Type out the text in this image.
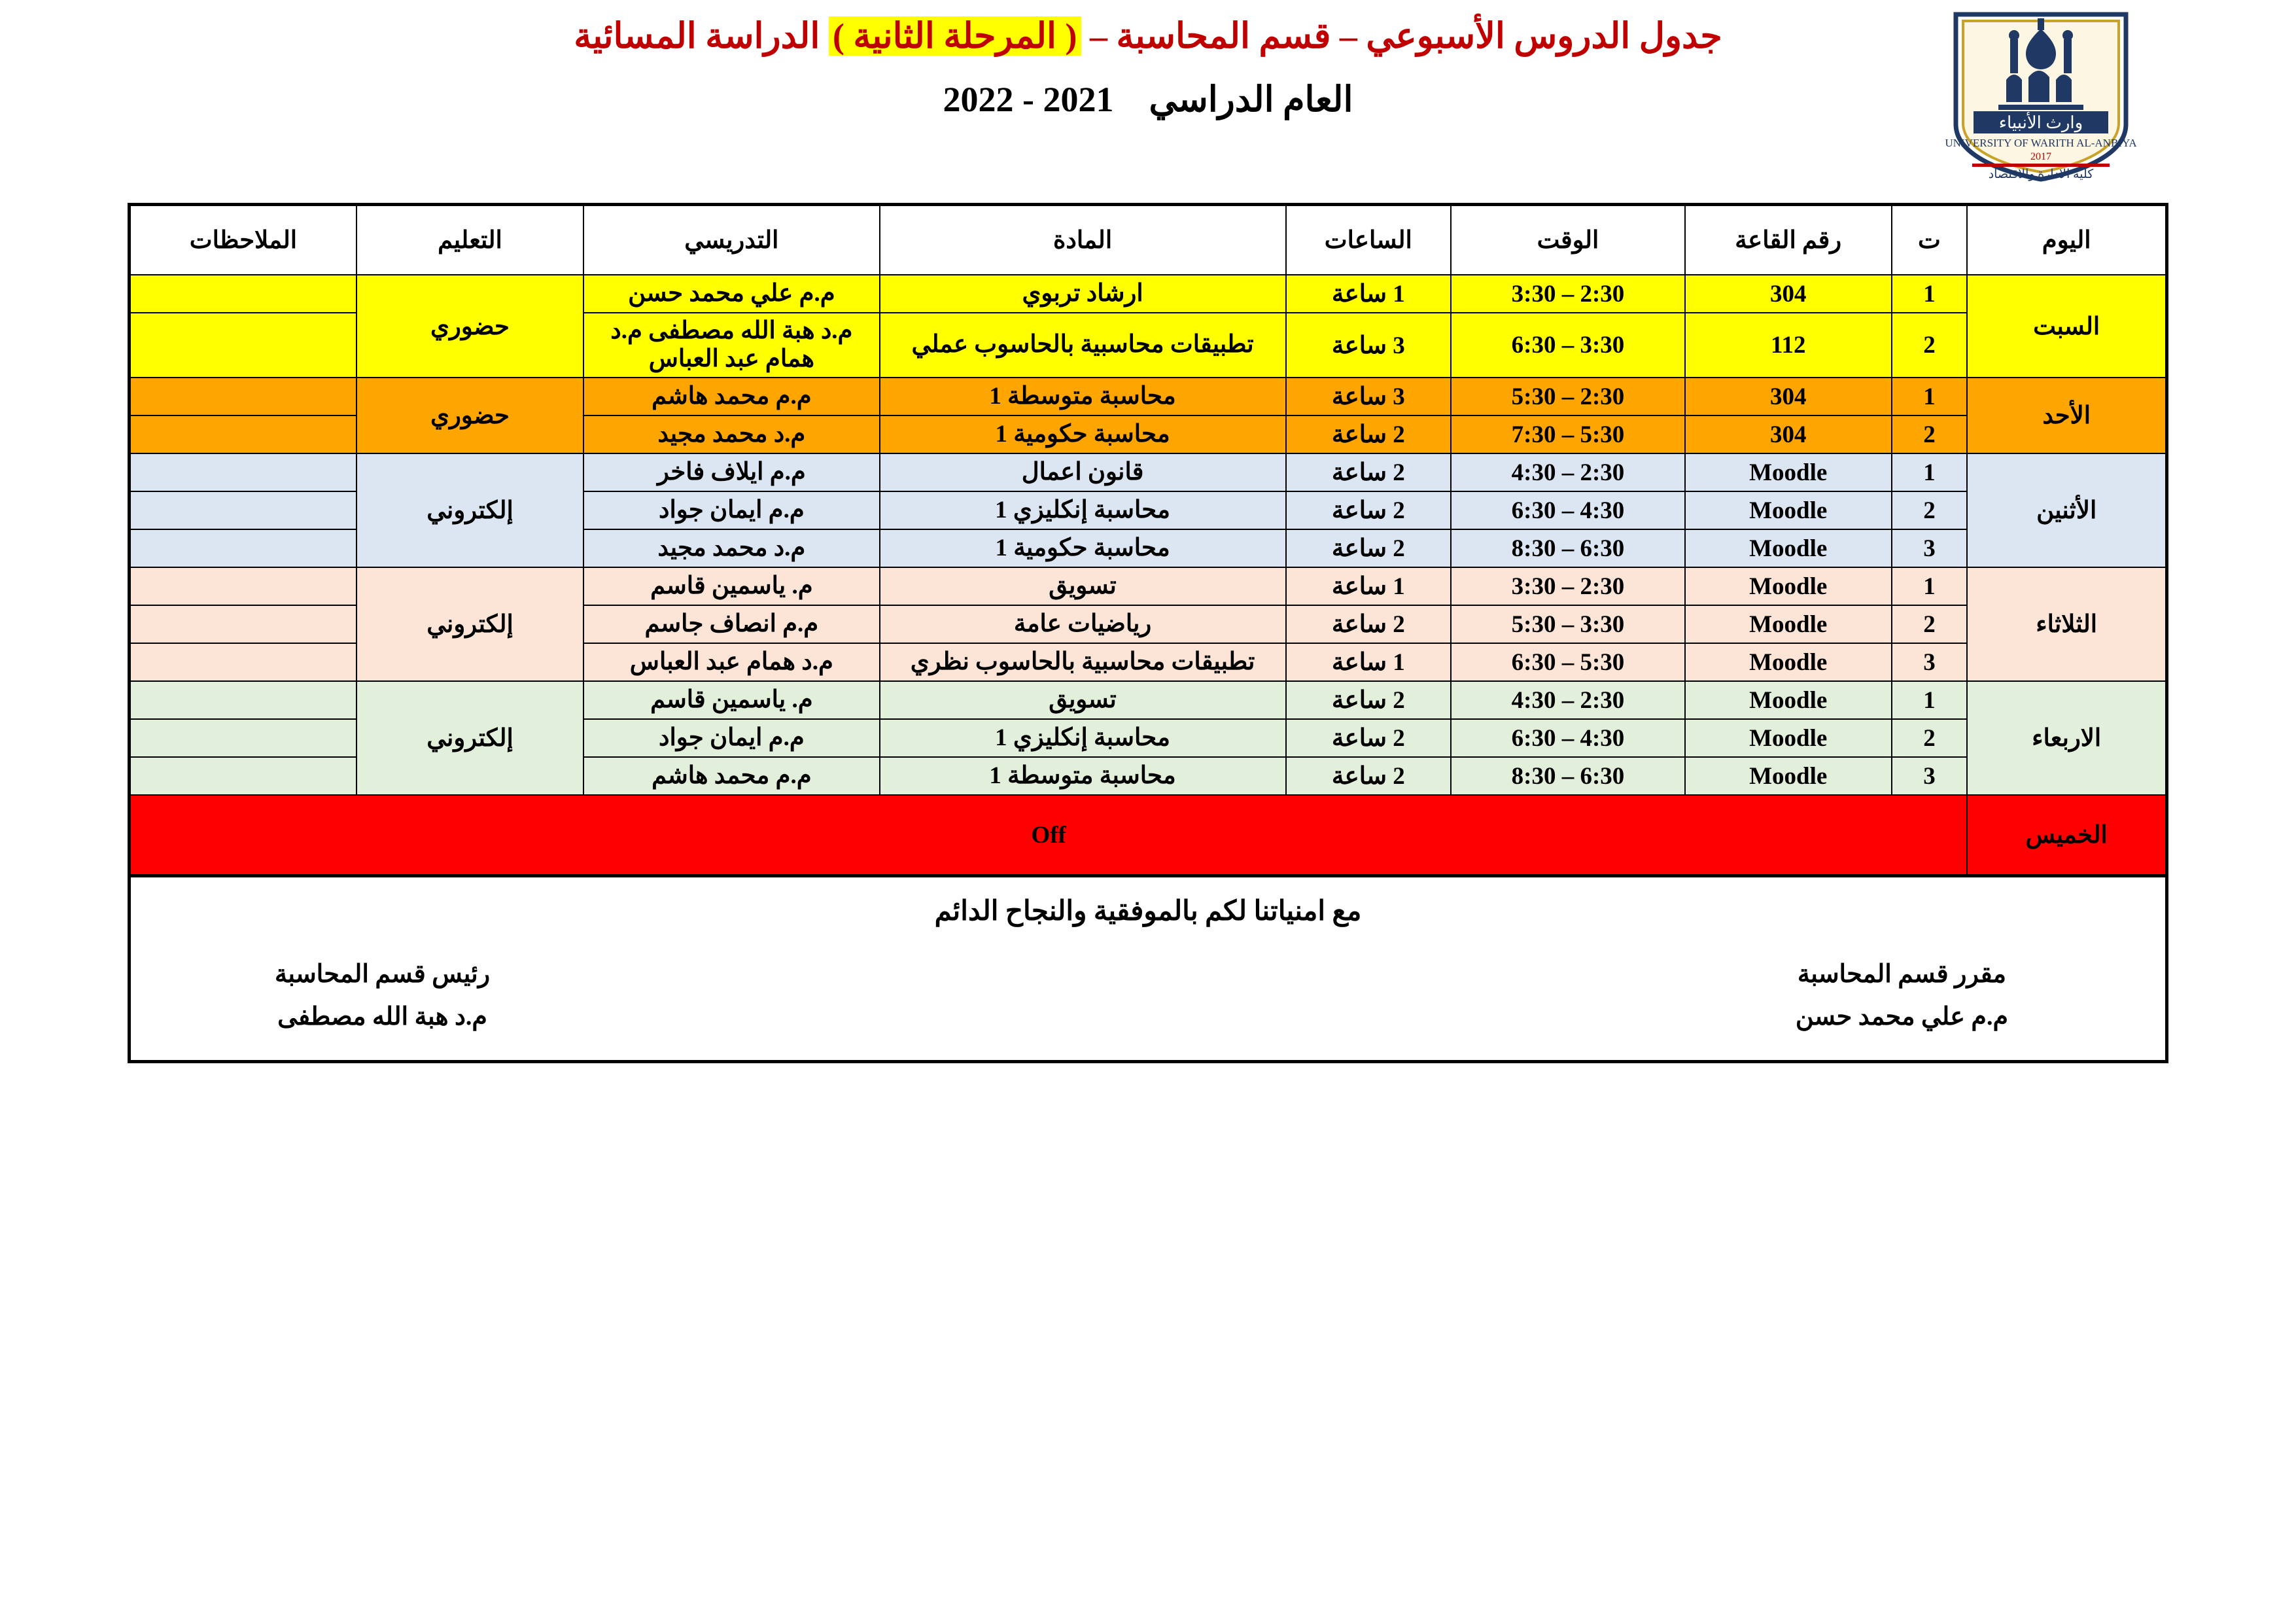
وارث الأنبياء
UNIVERSITY OF WARITH AL-ANBIYA
2017
كلية الادارة والاقتصاد
جدول الدروس الأسبوعي – قسم المحاسبة – ( المرحلة الثانية ) الدراسة المسائية
العام الدراسي    2021 - 2022
اليوم	ت	رقم القاعة	الوقت	الساعات	المادة	التدريسي	التعليم	الملاحظات
السبت	1	304	2:30 – 3:30	1 ساعة	ارشاد تربوي	م.م علي محمد حسن	حضوري	
	2	112	3:30 – 6:30	3 ساعة	تطبيقات محاسبية بالحاسوب عملي	م.د هبة الله مصطفى م.د همام عبد العباس		
الأحد	1	304	2:30 – 5:30	3 ساعة	محاسبة متوسطة 1	م.م محمد هاشم	حضوري	
	2	304	5:30 – 7:30	2 ساعة	محاسبة حكومية 1	م.د محمد مجيد		
الأثنين	1	Moodle	2:30 – 4:30	2 ساعة	قانون اعمال	م.م ايلاف فاخر	إلكتروني	
	2	Moodle	4:30 – 6:30	2 ساعة	محاسبة إنكليزي 1	م.م ايمان جواد		
	3	Moodle	6:30 – 8:30	2 ساعة	محاسبة حكومية 1	م.د محمد مجيد		
الثلاثاء	1	Moodle	2:30 – 3:30	1 ساعة	تسويق	م. ياسمين قاسم	إلكتروني	
	2	Moodle	3:30 – 5:30	2 ساعة	رياضيات عامة	م.م انصاف جاسم		
	3	Moodle	5:30 – 6:30	1 ساعة	تطبيقات محاسبية بالحاسوب نظري	م.د همام عبد العباس		
الاربعاء	1	Moodle	2:30 – 4:30	2 ساعة	تسويق	م. ياسمين قاسم	إلكتروني	
	2	Moodle	4:30 – 6:30	2 ساعة	محاسبة إنكليزي 1	م.م ايمان جواد		
	3	Moodle	6:30 – 8:30	2 ساعة	محاسبة متوسطة 1	م.م محمد هاشم		
الخميس	Off							
مع امنياتنا لكم بالموفقية والنجاح الدائم
مقرر قسم المحاسبة
م.م علي محمد حسن
رئيس قسم المحاسبة
م.د هبة الله مصطفى
